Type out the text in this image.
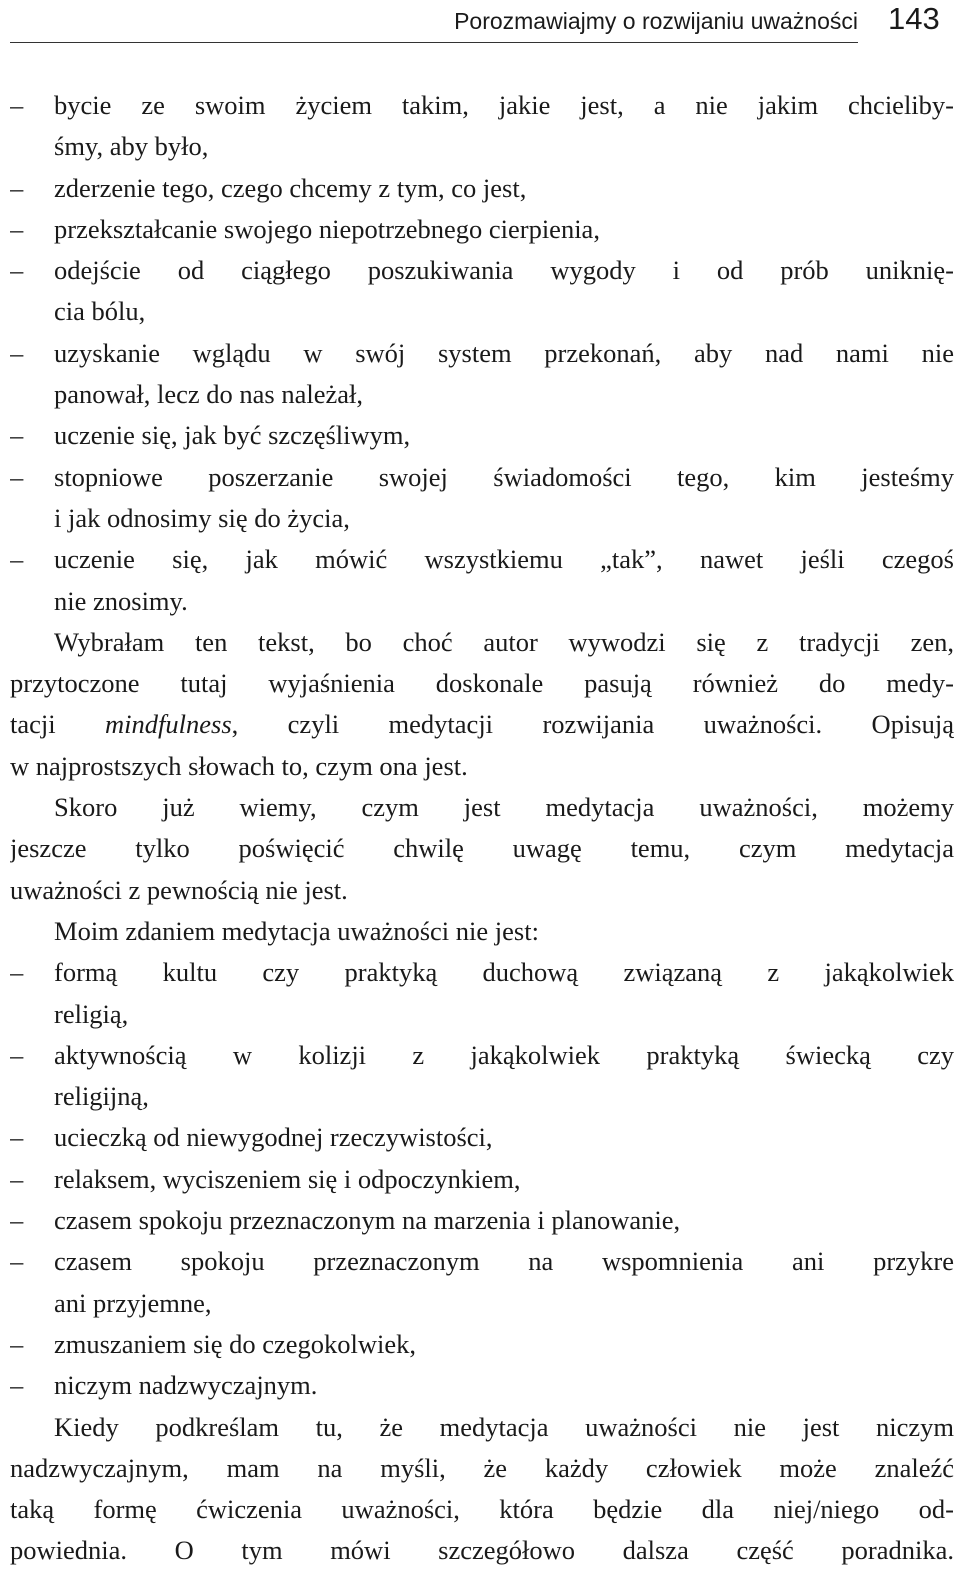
Porozmawiajmy o rozwijaniu uważności 143
– bycie ze swoim życiem takim, jakie jest, a nie jakim chcieliby-
śmy, aby było,
– zderzenie tego, czego chcemy z tym, co jest,
– przekształcanie swojego niepotrzebnego cierpienia,
– odejście od ciągłego poszukiwania wygody i od prób uniknię-
cia bólu,
– uzyskanie wglądu w swój system przekonań, aby nad nami nie
panował, lecz do nas należał,
– uczenie się, jak być szczęśliwym,
– stopniowe poszerzanie swojej świadomości tego, kim jesteśmy
i jak odnosimy się do życia,
– uczenie się, jak mówić wszystkiemu „tak”, nawet jeśli czegoś
nie znosimy.
Wybrałam ten tekst, bo choć autor wywodzi się z tradycji zen,
przytoczone tutaj wyjaśnienia doskonale pasują również do medy-
tacji mindfulness, czyli medytacji rozwijania uważności. Opisują
w najprostszych słowach to, czym ona jest.
Skoro już wiemy, czym jest medytacja uważności, możemy
jeszcze tylko poświęcić chwilę uwagę temu, czym medytacja
uważności z pewnością nie jest.
Moim zdaniem medytacja uważności nie jest:
– formą kultu czy praktyką duchową związaną z jakąkolwiek
religią,
– aktywnością w kolizji z jakąkolwiek praktyką świecką czy
religijną,
– ucieczką od niewygodnej rzeczywistości,
– relaksem, wyciszeniem się i odpoczynkiem,
– czasem spokoju przeznaczonym na marzenia i planowanie,
– czasem spokoju przeznaczonym na wspomnienia ani przykre
ani przyjemne,
– zmuszaniem się do czegokolwiek,
– niczym nadzwyczajnym.
Kiedy podkreślam tu, że medytacja uważności nie jest niczym
nadzwyczajnym, mam na myśli, że każdy człowiek może znaleźć
taką formę ćwiczenia uważności, która będzie dla niej/niego od-
powiednia. O tym mówi szczegółowo dalsza część poradnika.
